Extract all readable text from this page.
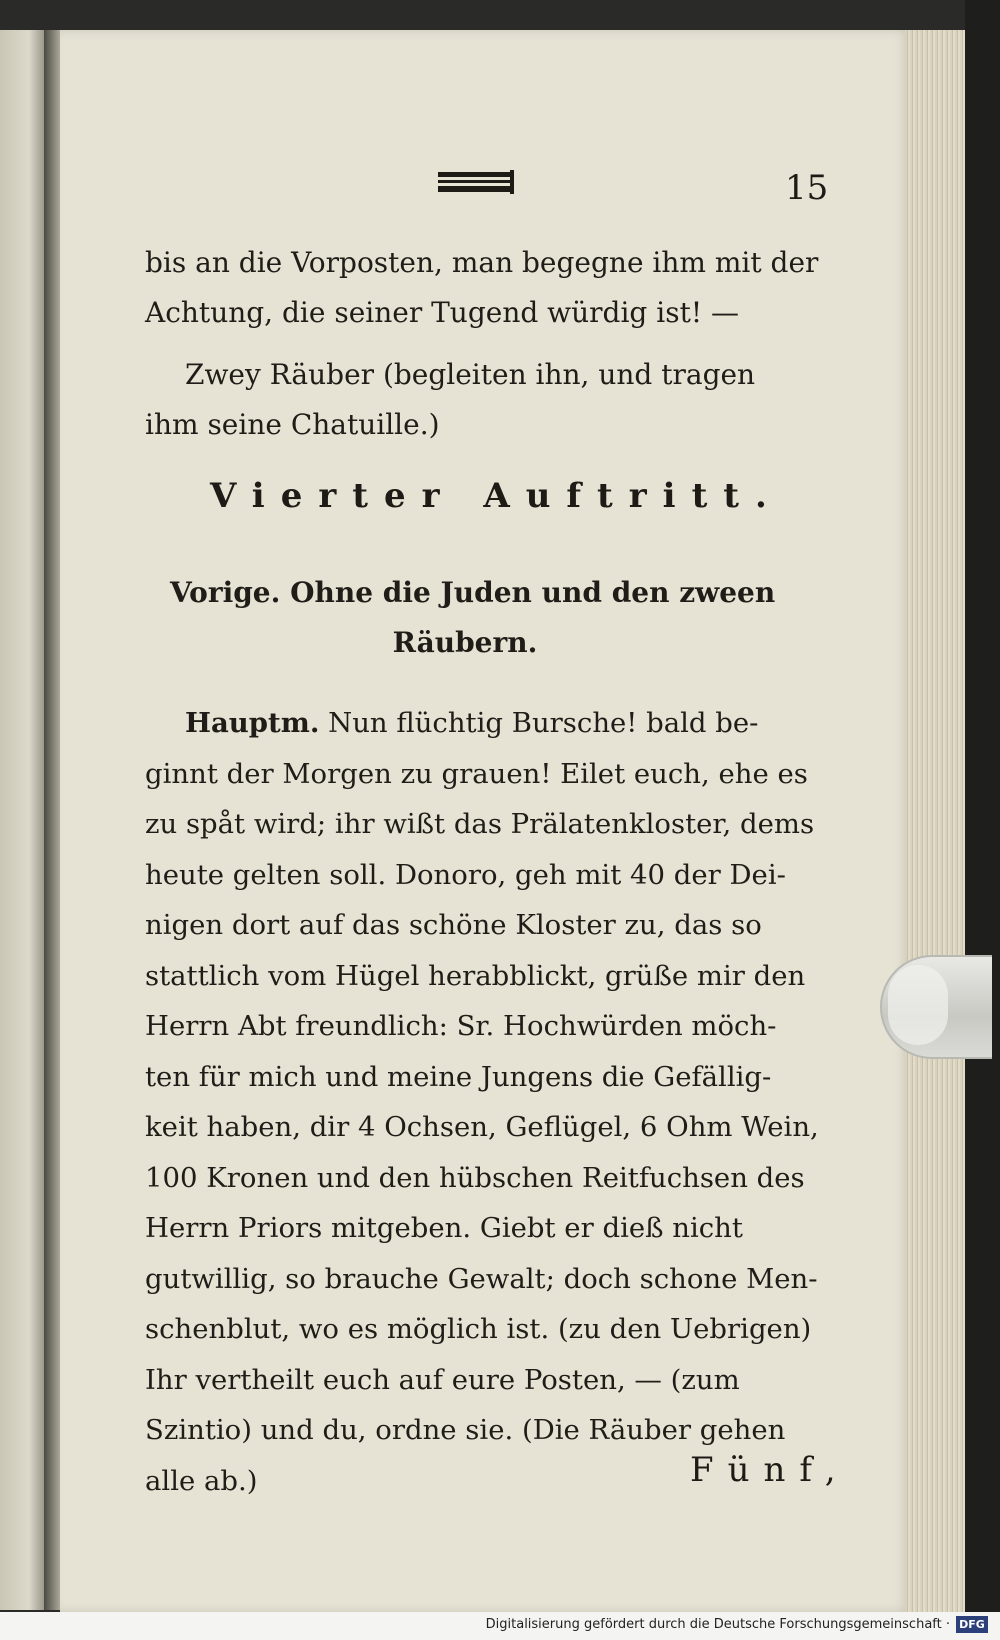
15
bis an die Vorposten, man begegne ihm mit der
Achtung, die seiner Tugend würdig ist! —
Zwey Räuber (begleiten ihn, und tragen
ihm seine Chatuille.)
Vierter Auftritt.
Vorige. Ohne die Juden und den zween
Räubern.
Hauptm. Nun flüchtig Bursche! bald be-
ginnt der Morgen zu grauen! Eilet euch, ehe es
zu spåt wird; ihr wißt das Prälatenkloster, dems
heute gelten soll. Donoro, geh mit 40 der Dei-
nigen dort auf das schöne Kloster zu, das so
stattlich vom Hügel herabblickt, grüße mir den
Herrn Abt freundlich: Sr. Hochwürden möch-
ten für mich und meine Jungens die Gefällig-
keit haben, dir 4 Ochsen, Geflügel, 6 Ohm Wein,
100 Kronen und den hübschen Reitfuchsen des
Herrn Priors mitgeben. Giebt er dieß nicht
gutwillig, so brauche Gewalt; doch schone Men-
schenblut, wo es möglich ist. (zu den Uebrigen)
Ihr vertheilt euch auf eure Posten, — (zum
Szintio) und du, ordne sie. (Die Räuber gehen
alle ab.)	Fünf,
Digitalisierung gefördert durch die Deutsche Forschungsgemeinschaft · DFG
